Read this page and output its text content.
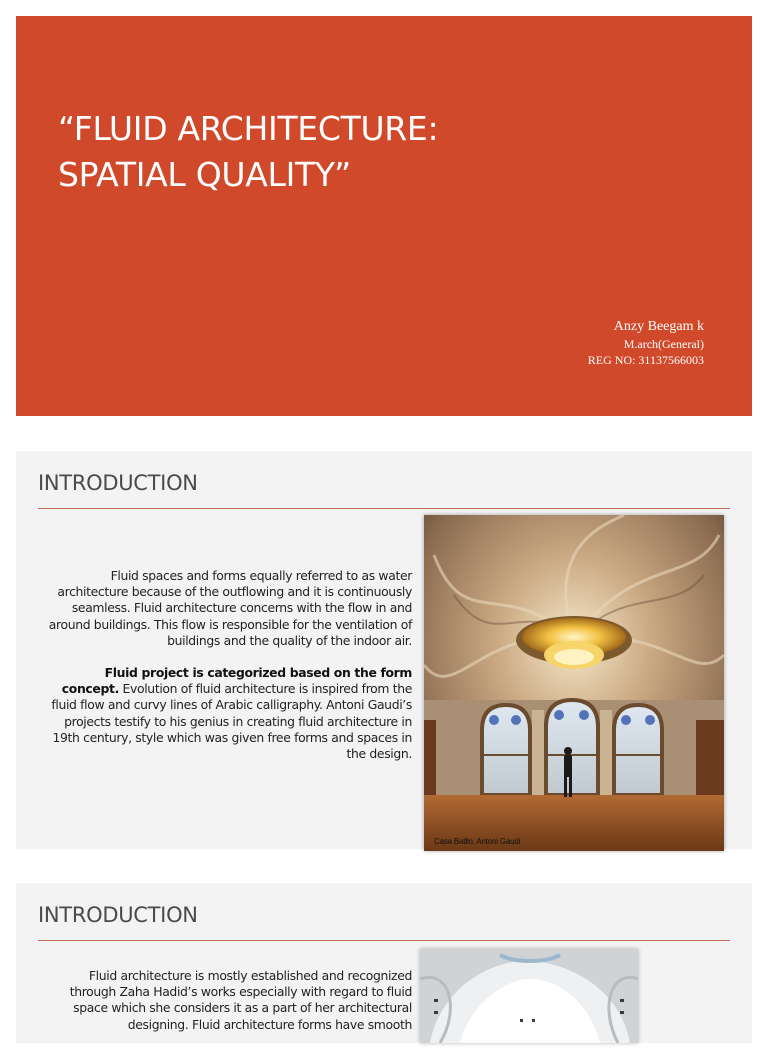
“FLUID ARCHITECTURE:
SPATIAL QUALITY”
Anzy Beegam k
M.arch(General)
REG NO: 31137566003
INTRODUCTION

Fluid spaces and forms equally referred to as water architecture because of the outflowing and it is continuously seamless. Fluid architecture concerns with the flow in and around buildings. This flow is responsible for the ventilation of buildings and the quality of the indoor air.

Fluid project is categorized based on the form concept. Evolution of fluid architecture is inspired from the fluid flow and curvy lines of Arabic calligraphy. Antoni Gaudi’s projects testify to his genius in creating fluid architecture in 19th century, style which was given free forms and spaces in the design.

Casa Batllo, Antoni Gaudi
INTRODUCTION

Fluid architecture is mostly established and recognized through Zaha Hadid’s works especially with regard to fluid space which she considers it as a part of her architectural designing. Fluid architecture forms have smooth
